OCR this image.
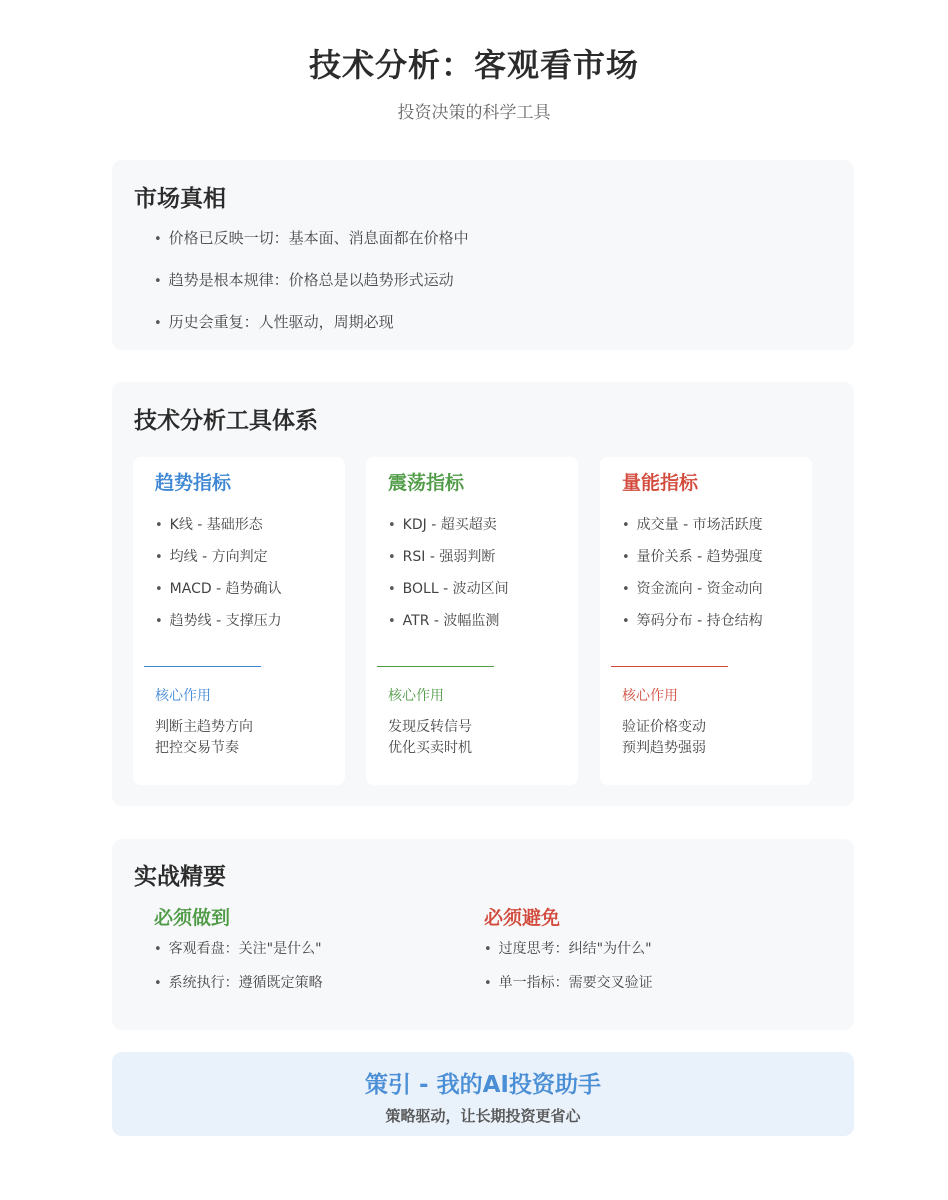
技术分析：客观看市场
投资决策的科学工具
市场真相
• 价格已反映一切：基本面、消息面都在价格中
• 趋势是根本规律：价格总是以趋势形式运动
• 历史会重复：人性驱动，周期必现
技术分析工具体系
趋势指标
• K线 - 基础形态
• 均线 - 方向判定
• MACD - 趋势确认
• 趋势线 - 支撑压力
核心作用
判断主趋势方向
把控交易节奏
震荡指标
• KDJ - 超买超卖
• RSI - 强弱判断
• BOLL - 波动区间
• ATR - 波幅监测
核心作用
发现反转信号
优化买卖时机
量能指标
• 成交量 - 市场活跃度
• 量价关系 - 趋势强度
• 资金流向 - 资金动向
• 筹码分布 - 持仓结构
核心作用
验证价格变动
预判趋势强弱
实战精要
必须做到
• 客观看盘：关注"是什么"
• 系统执行：遵循既定策略
必须避免
• 过度思考：纠结"为什么"
• 单一指标：需要交叉验证
策引 - 我的AI投资助手
策略驱动，让长期投资更省心
